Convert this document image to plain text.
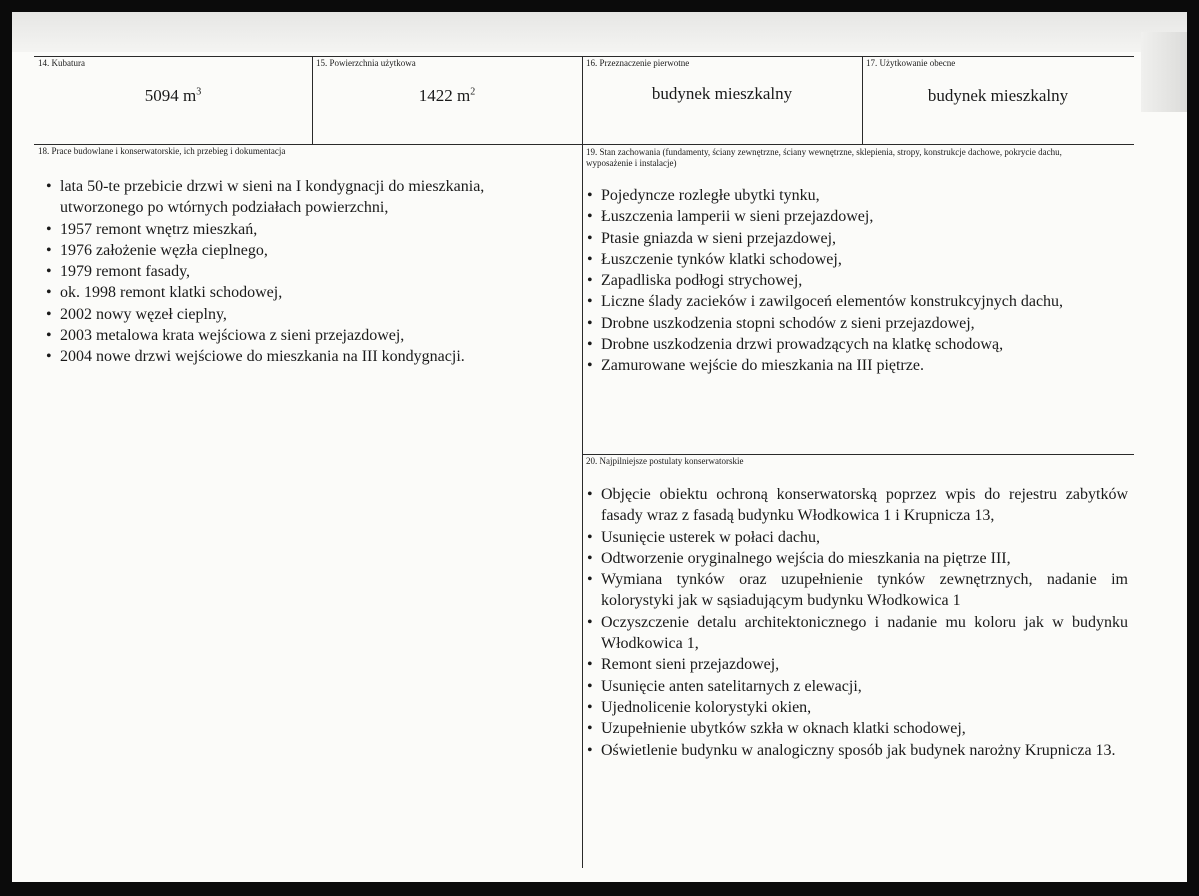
14. Kubatura
5094 $m^3$
15. Powierzchnia użytkowa
1422 $m^2$
16. Przeznaczenie pierwotne
budynek mieszkalny
17. Użytkowanie obecne
budynek mieszkalny
18. Prace budowlane i konserwatorskie, ich przebieg i dokumentacja
• lata 50-te przebicie drzwi w sieni na I kondygnacji do mieszkania, utworzonego po wtórnych podziałach powierzchni,
• 1957 remont wnętrz mieszkań,
• 1976 założenie węzła cieplnego,
• 1979 remont fasady,
• ok. 1998 remont klatki schodowej,
• 2002 nowy węzeł cieplny,
• 2003 metalowa krata wejściowa z sieni przejazdowej,
• 2004 nowe drzwi wejściowe do mieszkania na III kondygnacji.
19. Stan zachowania (fundamenty, ściany zewnętrzne, ściany wewnętrzne, sklepienia, stropy, konstrukcje dachowe, pokrycie dachu, wyposażenie i instalacje)
• Pojedyncze rozległe ubytki tynku,
• Łuszczenia lamperii w sieni przejazdowej,
• Ptasie gniazda w sieni przejazdowej,
• Łuszczenie tynków klatki schodowej,
• Zapadliska podłogi strychowej,
• Liczne ślady zacieków i zawilgoceń elementów konstrukcyjnych dachu,
• Drobne uszkodzenia stopni schodów z sieni przejazdowej,
• Drobne uszkodzenia drzwi prowadzących na klatkę schodową,
• Zamurowane wejście do mieszkania na III piętrze.
20. Najpilniejsze postulaty konserwatorskie
• Objęcie obiektu ochroną konserwatorską poprzez wpis do rejestru zabytków fasady wraz z fasadą budynku Włodkowica 1 i Krupnicza 13,
• Usunięcie usterek w połaci dachu,
• Odtworzenie oryginalnego wejścia do mieszkania na piętrze III,
• Wymiana tynków oraz uzupełnienie tynków zewnętrznych, nadanie im kolorystyki jak w sąsiadującym budynku Włodkowica 1
• Oczyszczenie detalu architektonicznego i nadanie mu koloru jak w budynku Włodkowica 1,
• Remont sieni przejazdowej,
• Usunięcie anten satelitarnych z elewacji,
• Ujednolicenie kolorystyki okien,
• Uzupełnienie ubytków szkła w oknach klatki schodowej,
• Oświetlenie budynku w analogiczny sposób jak budynek narożny Krupnicza 13.
